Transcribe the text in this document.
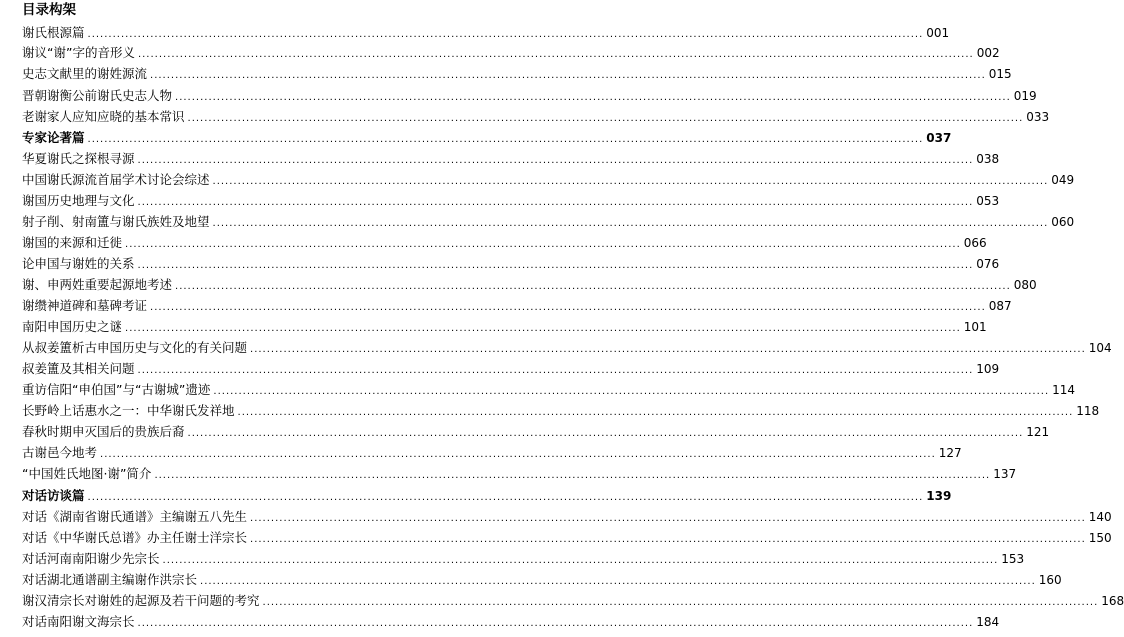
目录构架
谢氏根源篇 ........................................................................................................................................................................................................ 001
谢议“谢”字的音形义 ........................................................................................................................................................................................................ 002
史志文献里的谢姓源流 ........................................................................................................................................................................................................ 015
晋朝谢衡公前谢氏史志人物 ........................................................................................................................................................................................................ 019
老谢家人应知应晓的基本常识 ........................................................................................................................................................................................................ 033
专家论著篇 ........................................................................................................................................................................................................ 037
华夏谢氏之探根寻源 ........................................................................................................................................................................................................ 038
中国谢氏源流首届学术讨论会综述 ........................................................................................................................................................................................................ 049
谢国历史地理与文化 ........................................................................................................................................................................................................ 053
射子削、射南簠与谢氏族姓及地望 ........................................................................................................................................................................................................ 060
谢国的来源和迁徙 ........................................................................................................................................................................................................ 066
论申国与谢姓的关系 ........................................................................................................................................................................................................ 076
谢、申两姓重要起源地考述 ........................................................................................................................................................................................................ 080
谢缵神道碑和墓碑考证 ........................................................................................................................................................................................................ 087
南阳申国历史之谜 ........................................................................................................................................................................................................ 101
从叔姜簠析古申国历史与文化的有关问题 ........................................................................................................................................................................................................ 104
叔姜簠及其相关问题 ........................................................................................................................................................................................................ 109
重访信阳“申伯国”与“古谢城”遗迹 ........................................................................................................................................................................................................ 114
长野岭上话惠水之一：中华谢氏发祥地 ........................................................................................................................................................................................................ 118
春秋时期申灭国后的贵族后裔 ........................................................................................................................................................................................................ 121
古谢邑今地考 ........................................................................................................................................................................................................ 127
“中国姓氏地图·谢”简介 ........................................................................................................................................................................................................ 137
对话访谈篇 ........................................................................................................................................................................................................ 139
对话《湖南省谢氏通谱》主编谢五八先生 ........................................................................................................................................................................................................ 140
对话《中华谢氏总谱》办主任谢士洋宗长 ........................................................................................................................................................................................................ 150
对话河南南阳谢少先宗长 ........................................................................................................................................................................................................ 153
对话湖北通谱副主编谢作洪宗长 ........................................................................................................................................................................................................ 160
谢汉清宗长对谢姓的起源及若干问题的考究 ........................................................................................................................................................................................................ 168
对话南阳谢文海宗长 ........................................................................................................................................................................................................ 184
